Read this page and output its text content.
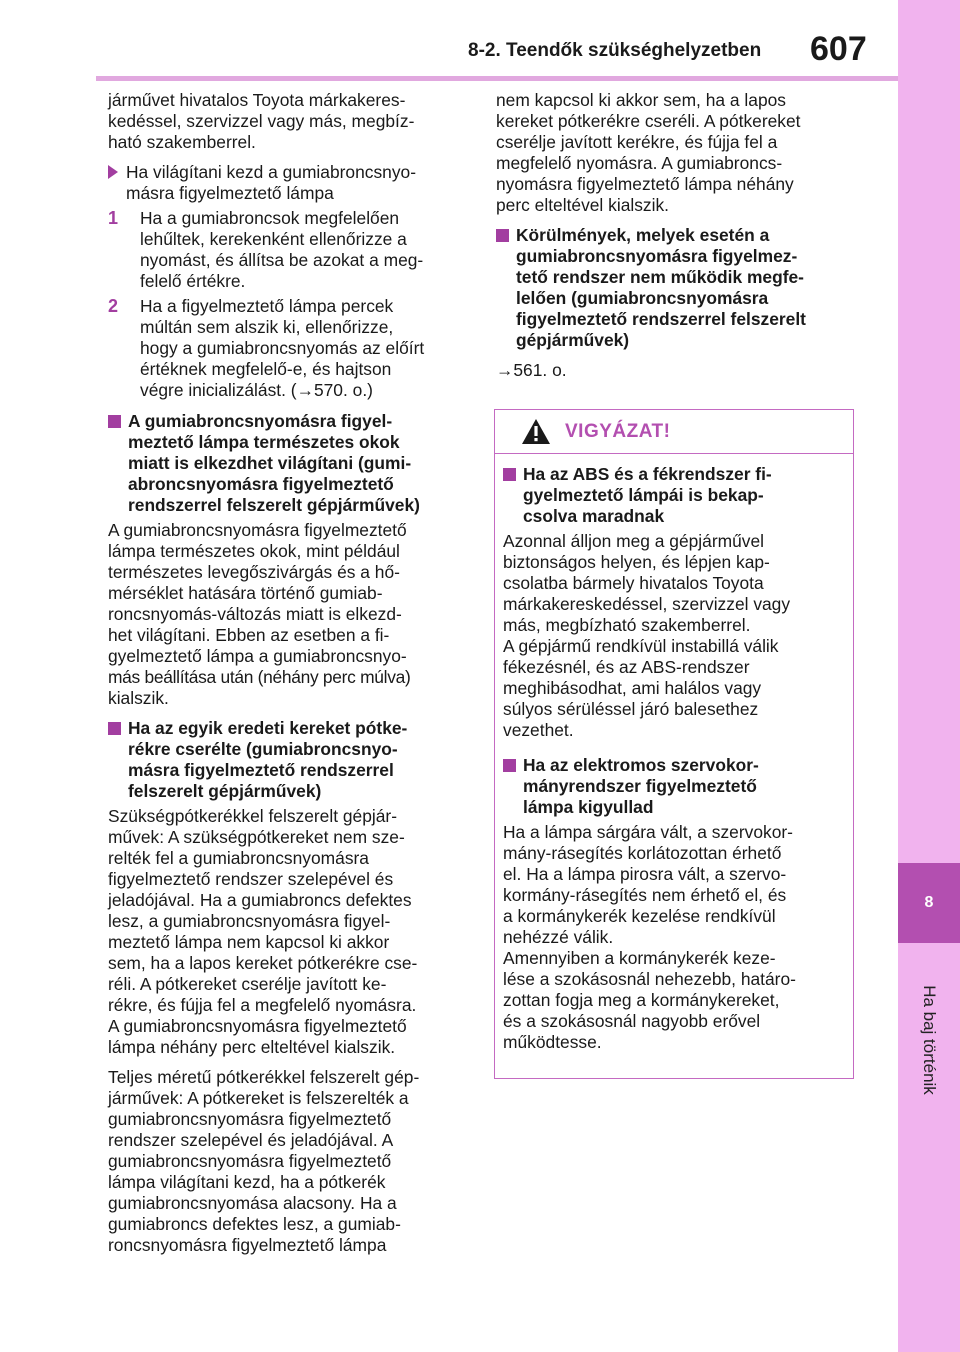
8-2. Teendők szükséghelyzetben 607
8
Ha baj történik

járművet hivatalos Toyota márkakeres-

kedéssel, szervizzel vagy más, megbíz-

ható szakemberrel.

Ha világítani kezd a gumiabroncsnyo-

másra figyelmeztető lámpa

1	Ha a gumiabroncsok megfelelően

lehűltek, kerekenként ellenőrizze a

nyomást, és állítsa be azokat a meg-

felelő értékre.

2	Ha a figyelmeztető lámpa percek

múltán sem alszik ki, ellenőrizze,

hogy a gumiabroncsnyomás az előírt

értéknek megfelelő-e, és hajtson

végre inicializálást. (→570. o.)

A gumiabroncsnyomásra figyel-

meztető lámpa természetes okok

miatt is elkezdhet világítani (gumi-

abroncsnyomásra figyelmeztető

rendszerrel felszerelt gépjárművek)

A gumiabroncsnyomásra figyelmeztető

lámpa természetes okok, mint például

természetes levegőszivárgás és a hő-

mérséklet hatására történő gumiab-

roncsnyomás-változás miatt is elkezd-

het világítani. Ebben az esetben a fi-

gyelmeztető lámpa a gumiabroncsnyo-

más beállítása után (néhány perc múlva)

kialszik.

Ha az egyik eredeti kereket pótke-

rékre cserélte (gumiabroncsnyo-

másra figyelmeztető rendszerrel

felszerelt gépjárművek)

Szükségpótkerékkel felszerelt gépjár-

művek: A szükségpótkereket nem sze-

relték fel a gumiabroncsnyomásra

figyelmeztető rendszer szelepével és

jeladójával. Ha a gumiabroncs defektes

lesz, a gumiabroncsnyomásra figyel-

meztető lámpa nem kapcsol ki akkor

sem, ha a lapos kereket pótkerékre cse-

réli. A pótkereket cserélje javított ke-

rékre, és fújja fel a megfelelő nyomásra.

A gumiabroncsnyomásra figyelmeztető

lámpa néhány perc elteltével kialszik.

Teljes méretű pótkerékkel felszerelt gép-

járművek: A pótkereket is felszerelték a

gumiabroncsnyomásra figyelmeztető

rendszer szelepével és jeladójával. A

gumiabroncsnyomásra figyelmeztető

lámpa világítani kezd, ha a pótkerék

gumiabroncsnyomása alacsony. Ha a

gumiabroncs defektes lesz, a gumiab-

roncsnyomásra figyelmeztető lámpa

nem kapcsol ki akkor sem, ha a lapos

kereket pótkerékre cseréli. A pótkereket

cserélje javított kerékre, és fújja fel a

megfelelő nyomásra. A gumiabroncs-

nyomásra figyelmeztető lámpa néhány

perc elteltével kialszik.

Körülmények, melyek esetén a

gumiabroncsnyomásra figyelmez-

tető rendszer nem működik megfe-

lelően (gumiabroncsnyomásra

figyelmeztető rendszerrel felszerelt

gépjárművek)

→561. o.

VIGYÁZAT!

Ha az ABS és a fékrendszer fi-

gyelmeztető lámpái is bekap-

csolva maradnak

Azonnal álljon meg a gépjárművel

biztonságos helyen, és lépjen kap-

csolatba bármely hivatalos Toyota

márkakereskedéssel, szervizzel vagy

más, megbízható szakemberrel.

A gépjármű rendkívül instabillá válik

fékezésnél, és az ABS-rendszer

meghibásodhat, ami halálos vagy

súlyos sérüléssel járó balesethez

vezethet.

Ha az elektromos szervokor-

mányrendszer figyelmeztető

lámpa kigyullad

Ha a lámpa sárgára vált, a szervokor-

mány-rásegítés korlátozottan érhető

el. Ha a lámpa pirosra vált, a szervo-

kormány-rásegítés nem érhető el, és

a kormánykerék kezelése rendkívül

nehézzé válik.

Amennyiben a kormánykerék keze-

lése a szokásosnál nehezebb, határo-

zottan fogja meg a kormánykereket,

és a szokásosnál nagyobb erővel

működtesse.
